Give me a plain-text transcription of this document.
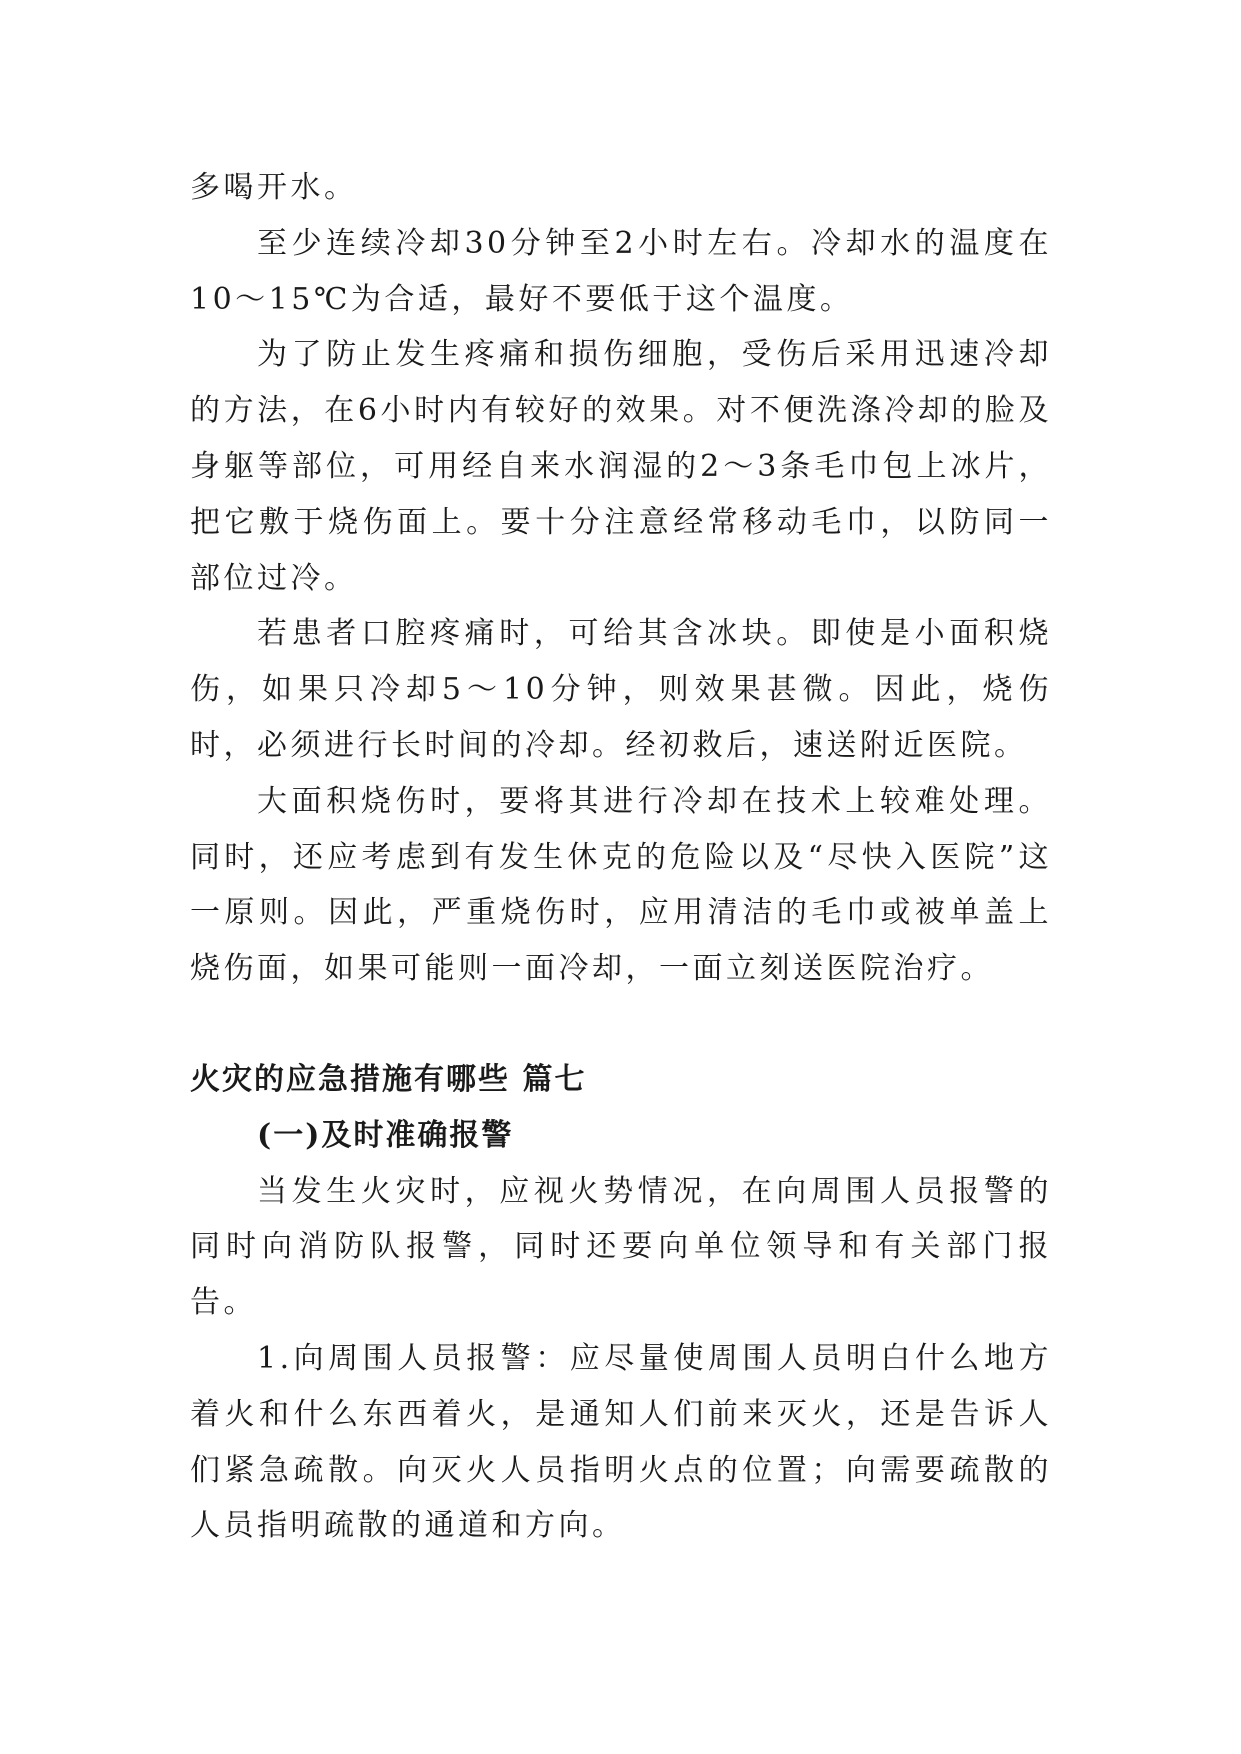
多喝开水。

至少连续冷却30分钟至2小时左右。冷却水的温度在10～15℃为合适，最好不要低于这个温度。

为了防止发生疼痛和损伤细胞，受伤后采用迅速冷却的方法，在6小时内有较好的效果。对不便洗涤冷却的脸及身躯等部位，可用经自来水润湿的2～3条毛巾包上冰片，把它敷于烧伤面上。要十分注意经常移动毛巾，以防同一部位过冷。

若患者口腔疼痛时，可给其含冰块。即使是小面积烧伤，如果只冷却5～10分钟，则效果甚微。因此，烧伤时，必须进行长时间的冷却。经初救后，速送附近医院。

大面积烧伤时，要将其进行冷却在技术上较难处理。同时，还应考虑到有发生休克的危险以及“尽快入医院”这一原则。因此，严重烧伤时，应用清洁的毛巾或被单盖上烧伤面，如果可能则一面冷却，一面立刻送医院治疗。

火灾的应急措施有哪些 篇七
(一)及时准确报警

当发生火灾时，应视火势情况，在向周围人员报警的同时向消防队报警，同时还要向单位领导和有关部门报告。

1.向周围人员报警：应尽量使周围人员明白什么地方着火和什么东西着火，是通知人们前来灭火，还是告诉人们紧急疏散。向灭火人员指明火点的位置；向需要疏散的人员指明疏散的通道和方向。
